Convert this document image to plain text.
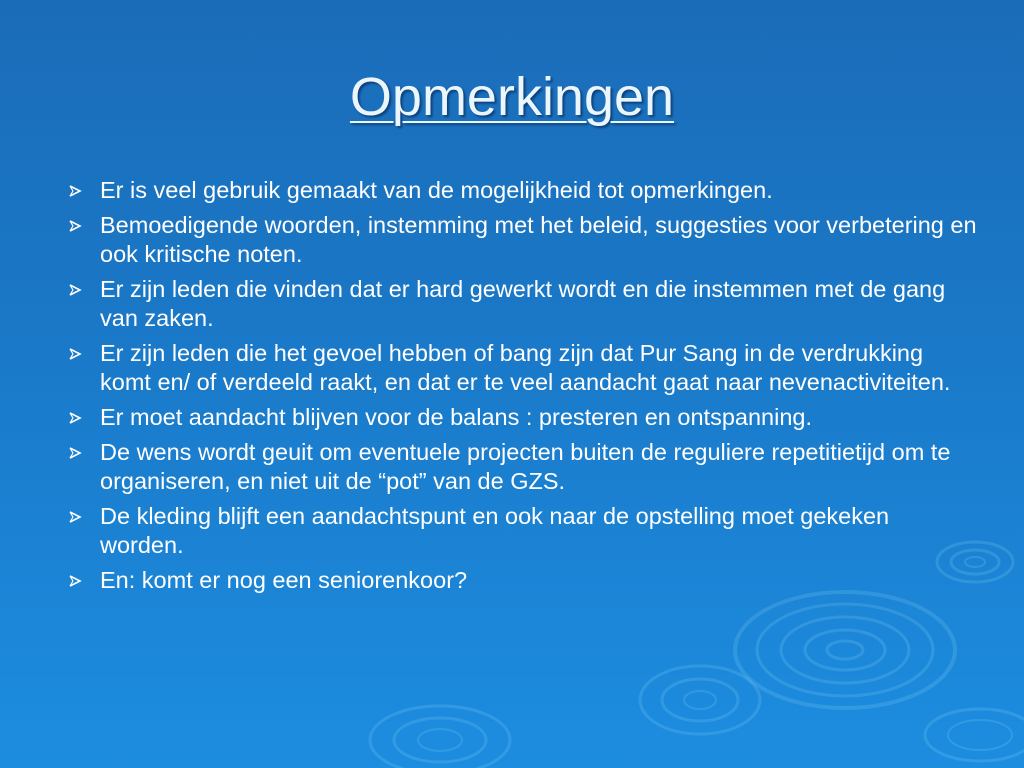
Opmerkingen
Er is veel gebruik gemaakt van de mogelijkheid tot opmerkingen.
Bemoedigende woorden, instemming met het beleid, suggesties voor verbetering en ook kritische noten.
Er zijn leden die vinden dat er hard gewerkt wordt en die instemmen met de gang van zaken.
Er zijn leden die het gevoel hebben of bang zijn dat Pur Sang in de verdrukking komt en/ of verdeeld raakt, en dat er te veel aandacht gaat naar nevenactiviteiten.
Er moet aandacht blijven voor de balans : presteren en ontspanning.
De wens wordt geuit om eventuele projecten buiten de reguliere repetitietijd om te organiseren, en niet uit de “pot” van de GZS.
De kleding blijft een aandachtspunt en ook naar de opstelling moet gekeken worden.
En: komt er nog een seniorenkoor?
